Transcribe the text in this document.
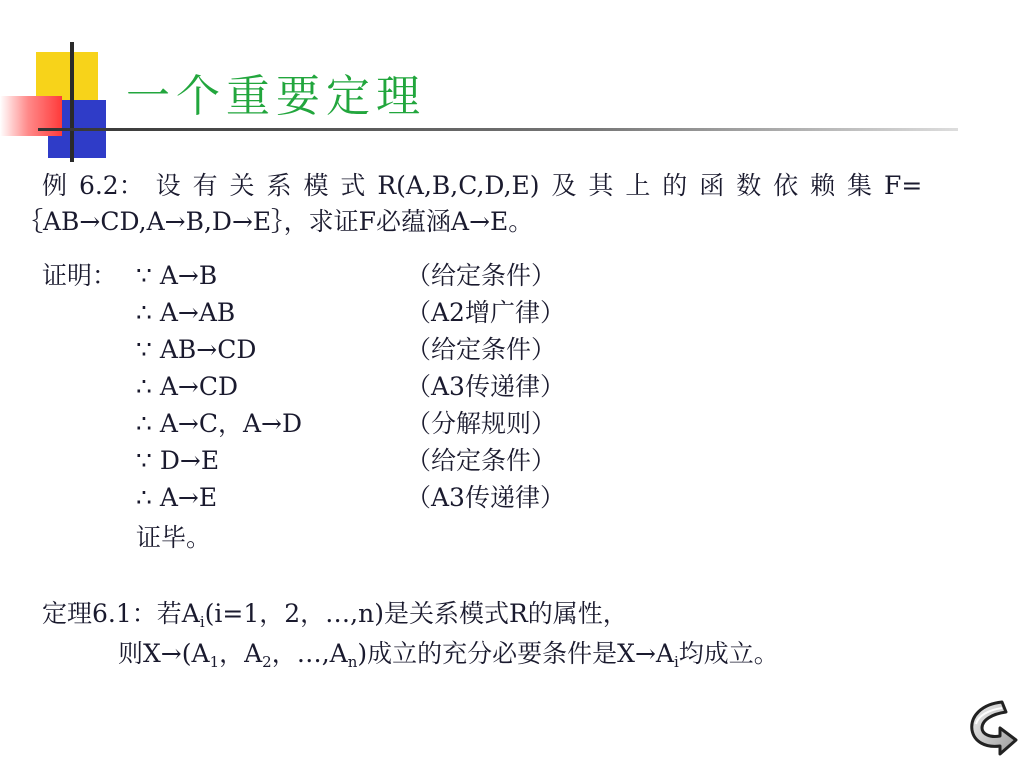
一个重要定理
例 6.2： 设 有 关 系 模 式 R(A,B,C,D,E) 及 其 上 的 函 数 依 赖 集 F=
｛AB→CD,A→B,D→E｝，求证F必蕴涵A→E。
证明： ∵ A→B	（给定条件）
∴ A→AB	（A2增广律）
∵ AB→CD	（给定条件）
∴ A→CD	（A3传递律）
∴ A→C，A→D	（分解规则）
∵ D→E	（给定条件）
∴ A→E	（A3传递律）
证毕。
定理6.1：若$A_i(i=1$，2，…,n)是关系模式R的属性，
则$X\to(A_1$，$A_2$，$\dots,A_n$)成立的充分必要条件是$X\to A_i$均成立。
